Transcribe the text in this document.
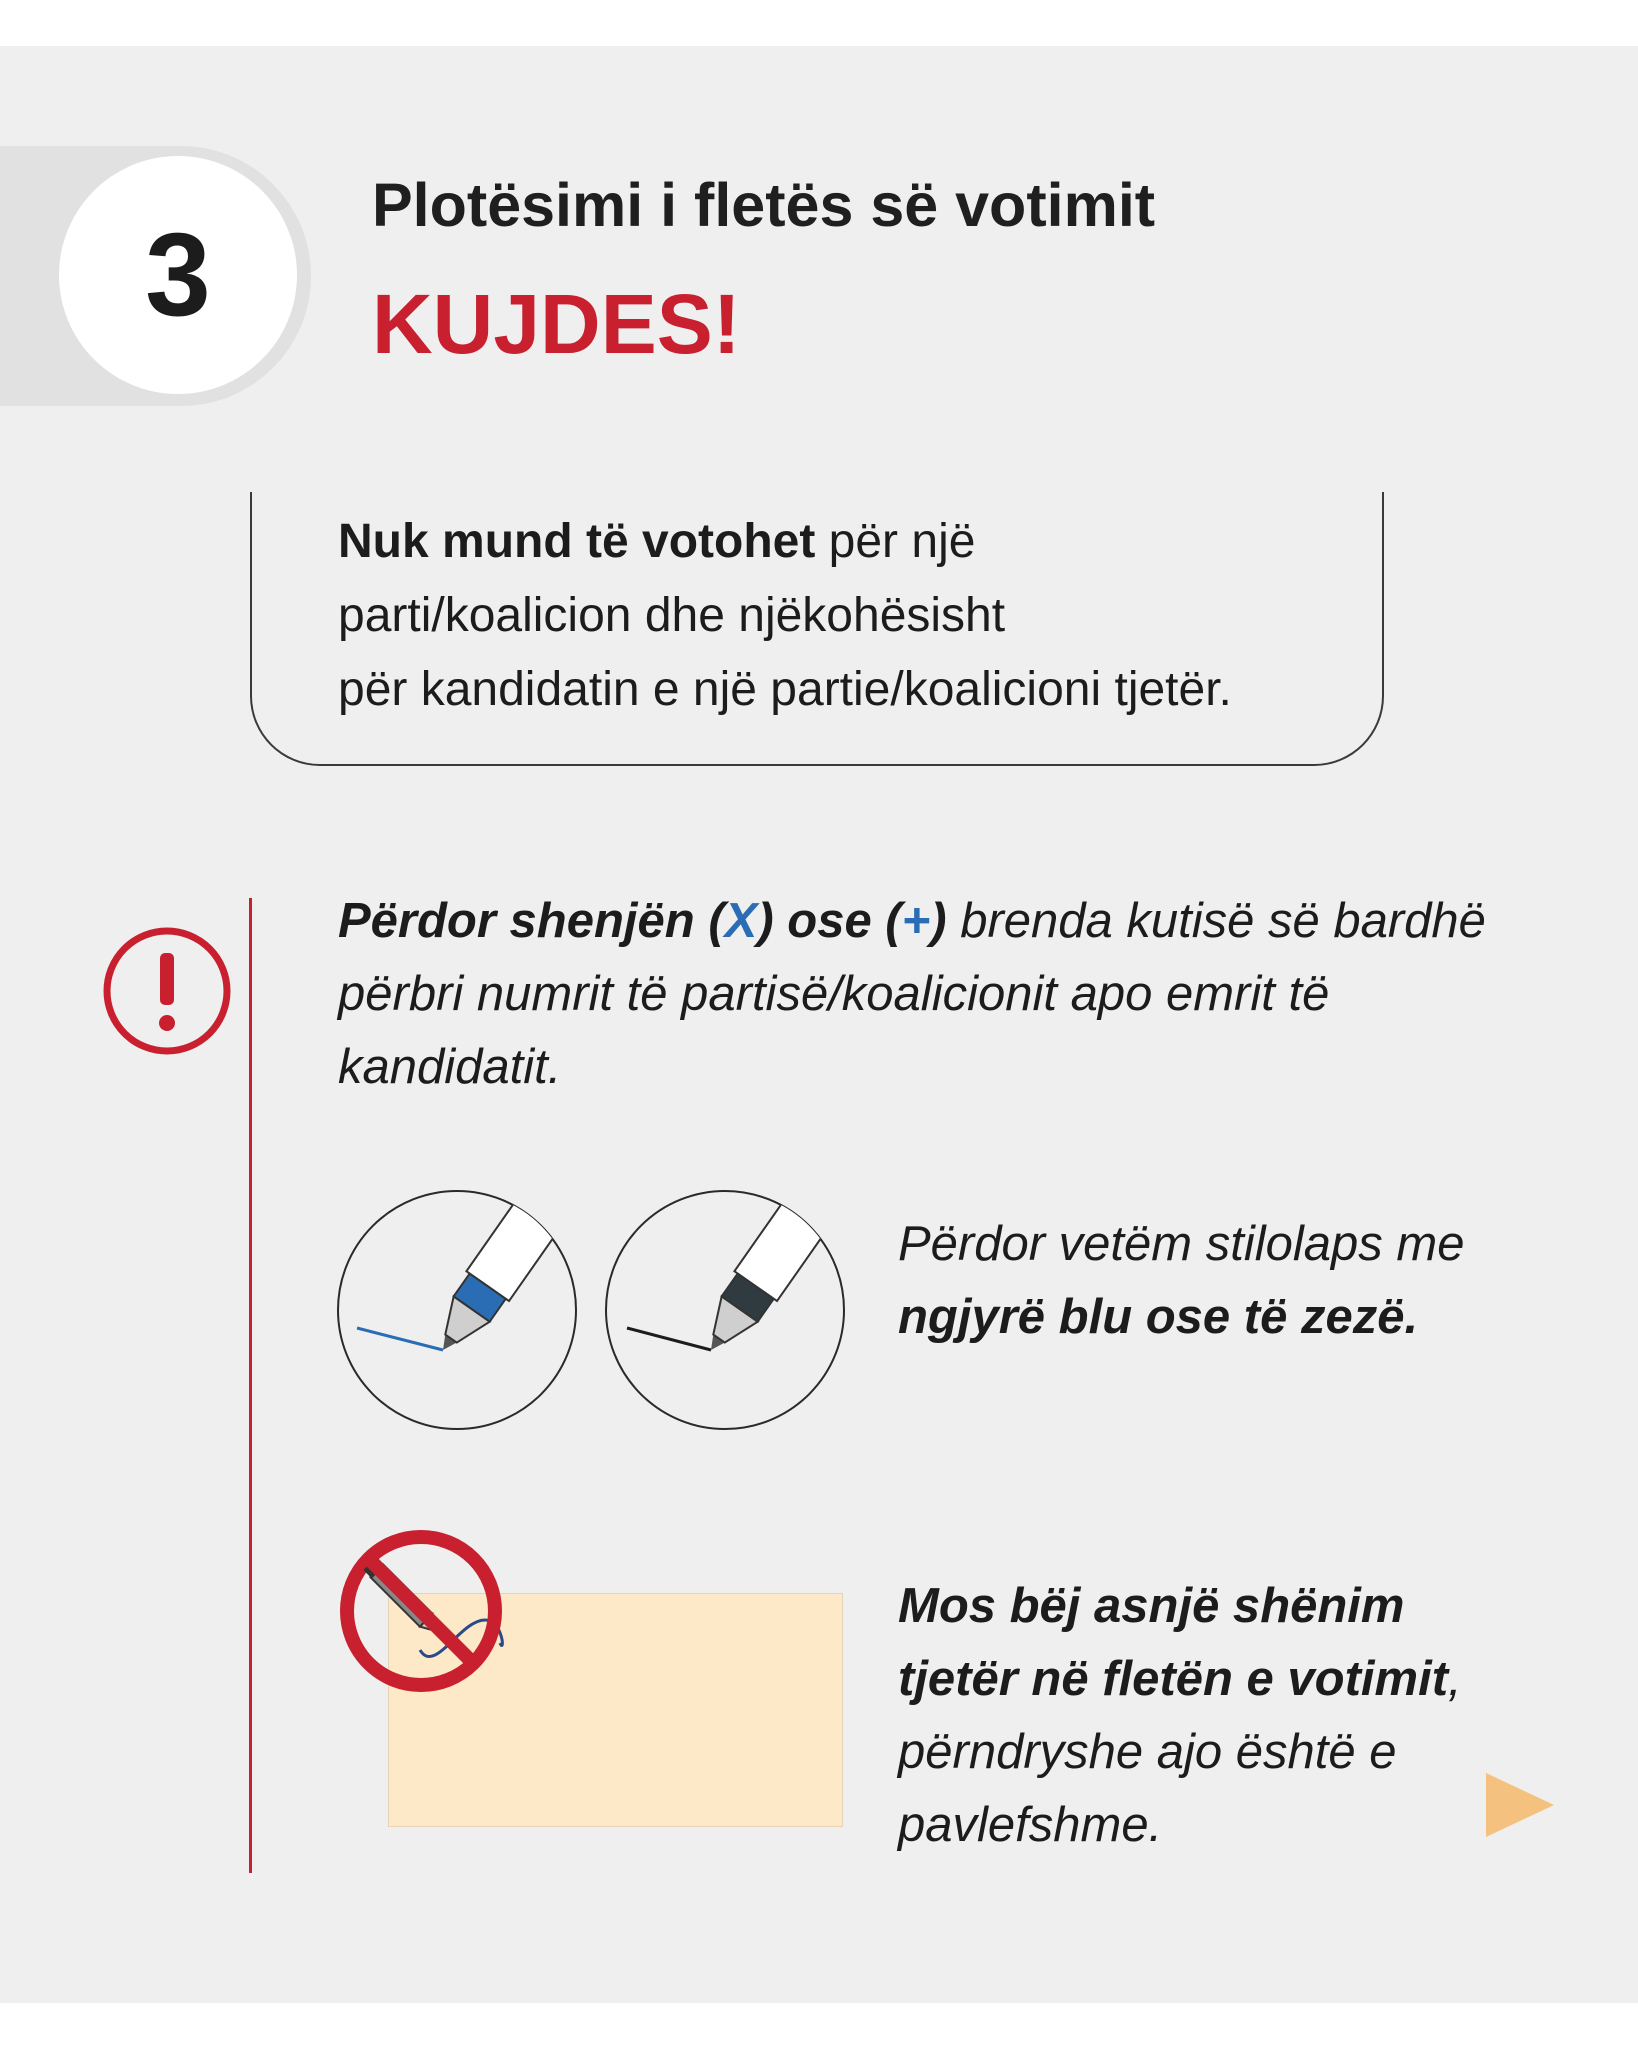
3
Plotësimi i fletës së votimit
KUJDES!
Nuk mund të votohet për një
parti/koalicion dhe njëkohësisht
për kandidatin e një partie/koalicioni tjetër.
Përdor shenjën (X) ose (+) brenda kutisë së bardhë
përbri numrit të partisë/koalicionit apo emrit të
kandidatit.
Përdor vetëm stilolaps me
ngjyrë blu ose të zezë.
Mos bëj asnjë shënim
tjetër në fletën e votimit,
përndryshe ajo është e
pavlefshme.
